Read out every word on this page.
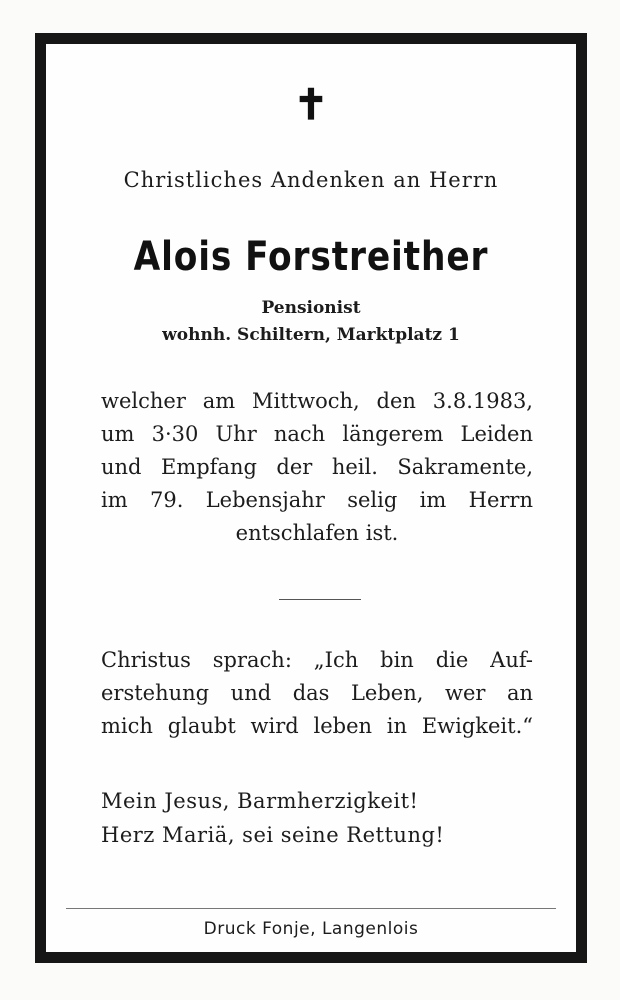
✝
Christliches Andenken an Herrn
Alois Forstreither
Pensionist
wohnh. Schiltern, Marktplatz 1
welcher am Mittwoch, den 3.8.1983,
um 3·30 Uhr nach längerem Leiden
und Empfang der heil. Sakramente,
im 79. Lebensjahr selig im Herrn
entschlafen ist.
Christus sprach: „Ich bin die Auf-
erstehung und das Leben, wer an
mich glaubt wird leben in Ewigkeit.“
Mein Jesus, Barmherzigkeit!
Herz Mariä, sei seine Rettung!
Druck Fonje, Langenlois
